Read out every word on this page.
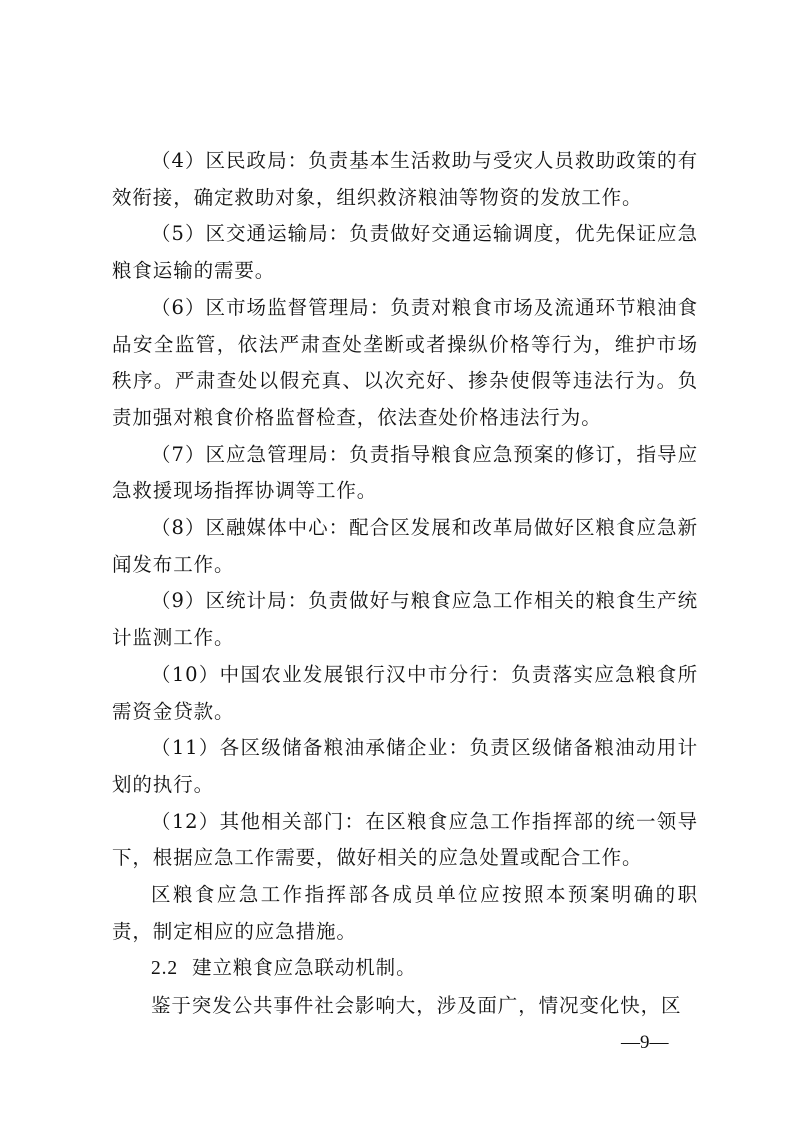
（4）区民政局：负责基本生活救助与受灾人员救助政策的有效衔接，确定救助对象，组织救济粮油等物资的发放工作。

（5）区交通运输局：负责做好交通运输调度，优先保证应急粮食运输的需要。

（6）区市场监督管理局：负责对粮食市场及流通环节粮油食品安全监管，依法严肃查处垄断或者操纵价格等行为，维护市场秩序。严肃查处以假充真、以次充好、掺杂使假等违法行为。负责加强对粮食价格监督检查，依法查处价格违法行为。

（7）区应急管理局：负责指导粮食应急预案的修订，指导应急救援现场指挥协调等工作。

（8）区融媒体中心：配合区发展和改革局做好区粮食应急新闻发布工作。

（9）区统计局：负责做好与粮食应急工作相关的粮食生产统计监测工作。

（10）中国农业发展银行汉中市分行：负责落实应急粮食所需资金贷款。

（11）各区级储备粮油承储企业：负责区级储备粮油动用计划的执行。

（12）其他相关部门：在区粮食应急工作指挥部的统一领导下，根据应急工作需要，做好相关的应急处置或配合工作。

区粮食应急工作指挥部各成员单位应按照本预案明确的职责，制定相应的应急措施。

2.2 建立粮食应急联动机制。

鉴于突发公共事件社会影响大，涉及面广，情况变化快，区

—9—
